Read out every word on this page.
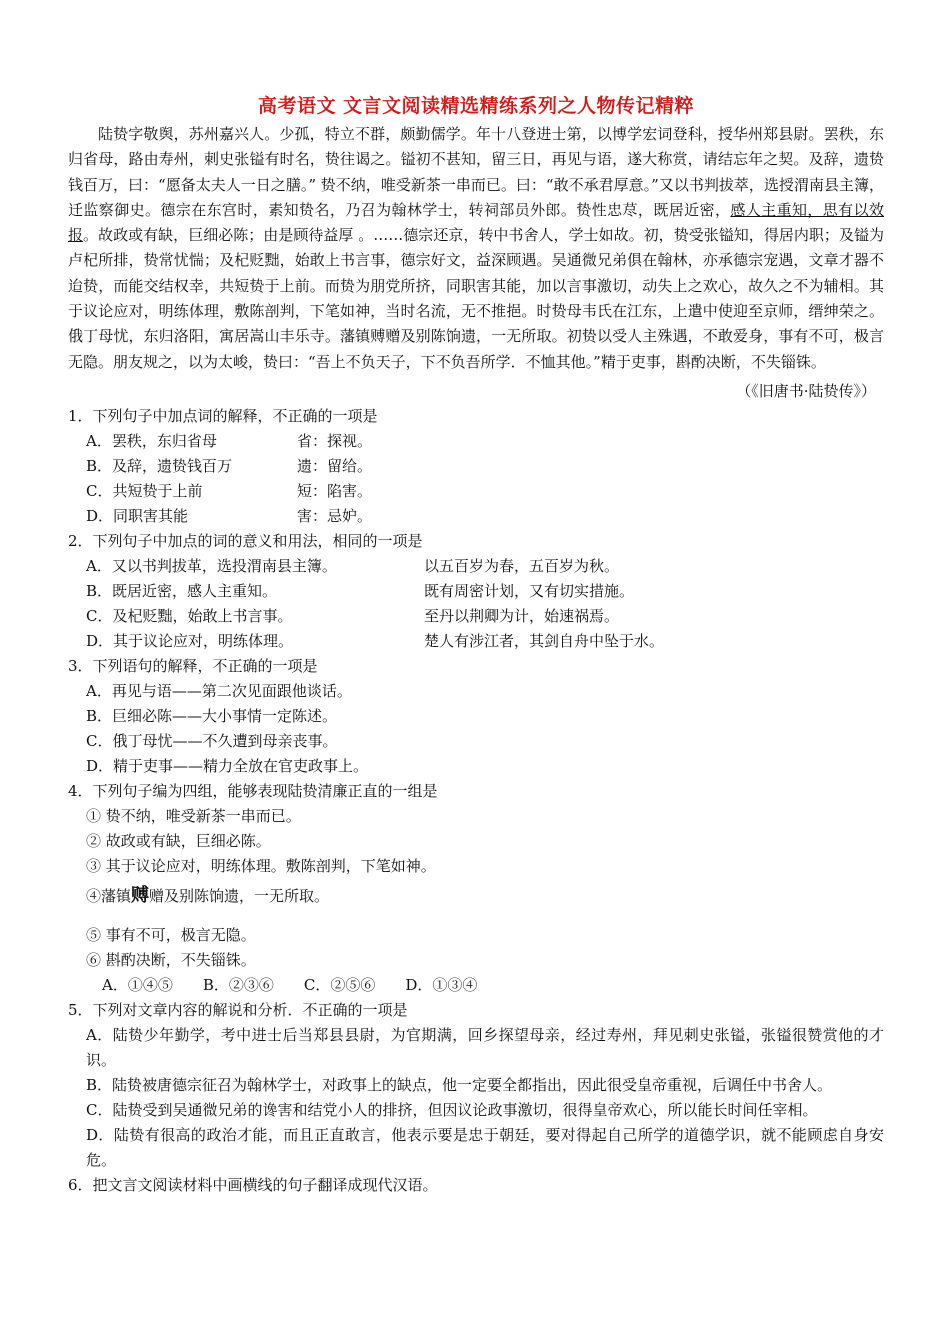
高考语文 文言文阅读精选精练系列之人物传记精粹

陆贽字敬舆，苏州嘉兴人。少孤，特立不群，颇勤儒学。年十八登进士第，以博学宏词登科，授华州郑县尉。罢秩，东归省母，路由寿州，刺史张镒有时名，贽往谒之。镒初不甚知，留三日，再见与语，遂大称赏，请结忘年之契。及辞，遗贽钱百万，曰：“愿备太夫人一日之膳。” 贽不纳，唯受新茶一串而已。曰：“敢不承君厚意。”又以书判拔萃，选授渭南县主簿，迁监察御史。德宗在东宫时，素知贽名，乃召为翰林学士，转祠部员外郎。贽性忠荩，既居近密，感人主重知，思有以效报。故政或有缺，巨细必陈；由是顾待益厚 。……德宗还京，转中书舍人，学士如故。初，贽受张镒知，得居内职；及镒为卢杞所排，贽常忧惴；及杞贬黜，始敢上书言事，德宗好文，益深顾遇。吴通微兄弟俱在翰林，亦承德宗宠遇，文章才器不迨贽，而能交结权幸，共短贽于上前。而贽为朋党所挤，同职害其能，加以言事激切，动失上之欢心，故久之不为辅相。其于议论应对，明练体理，敷陈剖判，下笔如神，当时名流，无不推挹。时贽母韦氏在江东，上遣中使迎至京师，缙绅荣之。俄丁母忧，东归洛阳，寓居嵩山丰乐寺。藩镇赙赠及别陈饷遗，一无所取。初贽以受人主殊遇，不敢爱身，事有不可，极言无隐。朋友规之，以为太峻，贽曰：“吾上不负天子，下不负吾所学．不恤其他。”精于吏事，斟酌决断，不失锱铢。

（《旧唐书·陆贽传》）

1．下列句子中加点词的解释，不正确的一项是

A．罢秩，东归省母	省：探视。
B．及辞，遗贽钱百万	遗：留给。
C．共短贽于上前	短：陷害。
D．同职害其能	害：忌妒。

2．下列句子中加点的词的意义和用法，相同的一项是

A．又以书判拔革，选投渭南县主簿。	以五百岁为春，五百岁为秋。
B．既居近密，感人主重知。	既有周密计划，又有切实措施。
C．及杞贬黜，始敢上书言事。	至丹以荆卿为计，始速祸焉。
D．其于议论应对，明练体理。	楚人有涉江者，其剑自舟中坠于水。

3．下列语句的解释，不正确的一项是

A．再见与语——第二次见面跟他谈话。

B．巨细必陈——大小事情一定陈述。

C．俄丁母忧——不久遭到母亲丧事。

D．精于吏事——精力全放在官吏政事上。

4．下列句子编为四组，能够表现陆贽清廉正直的一组是

① 贽不纳，唯受新茶一串而已。

② 故政或有缺，巨细必陈。

③ 其于议论应对，明练体理。敷陈剖判，下笔如神。

④藩镇赙赠及别陈饷遗，一无所取。

⑤ 事有不可，极言无隐。

⑥ 斟酌决断，不失锱铢。

A．①④⑤　　B．②③⑥　　C．②⑤⑥　　D．①③④

5．下列对文章内容的解说和分析．不正确的一项是

A．陆贽少年勤学，考中进士后当郑县县尉，为官期满，回乡探望母亲，经过寿州，拜见刺史张镒，张镒很赞赏他的才识。

B．陆贽被唐德宗征召为翰林学士，对政事上的缺点，他一定要全都指出，因此很受皇帝重视，后调任中书舍人。

C．陆贽受到吴通微兄弟的谗害和结党小人的排挤，但因议论政事激切，很得皇帝欢心，所以能长时间任宰相。

D．陆贽有很高的政治才能，而且正直敢言，他表示要是忠于朝廷，要对得起自己所学的道德学识，就不能顾虑自身安危。

6．把文言文阅读材料中画横线的句子翻译成现代汉语。
